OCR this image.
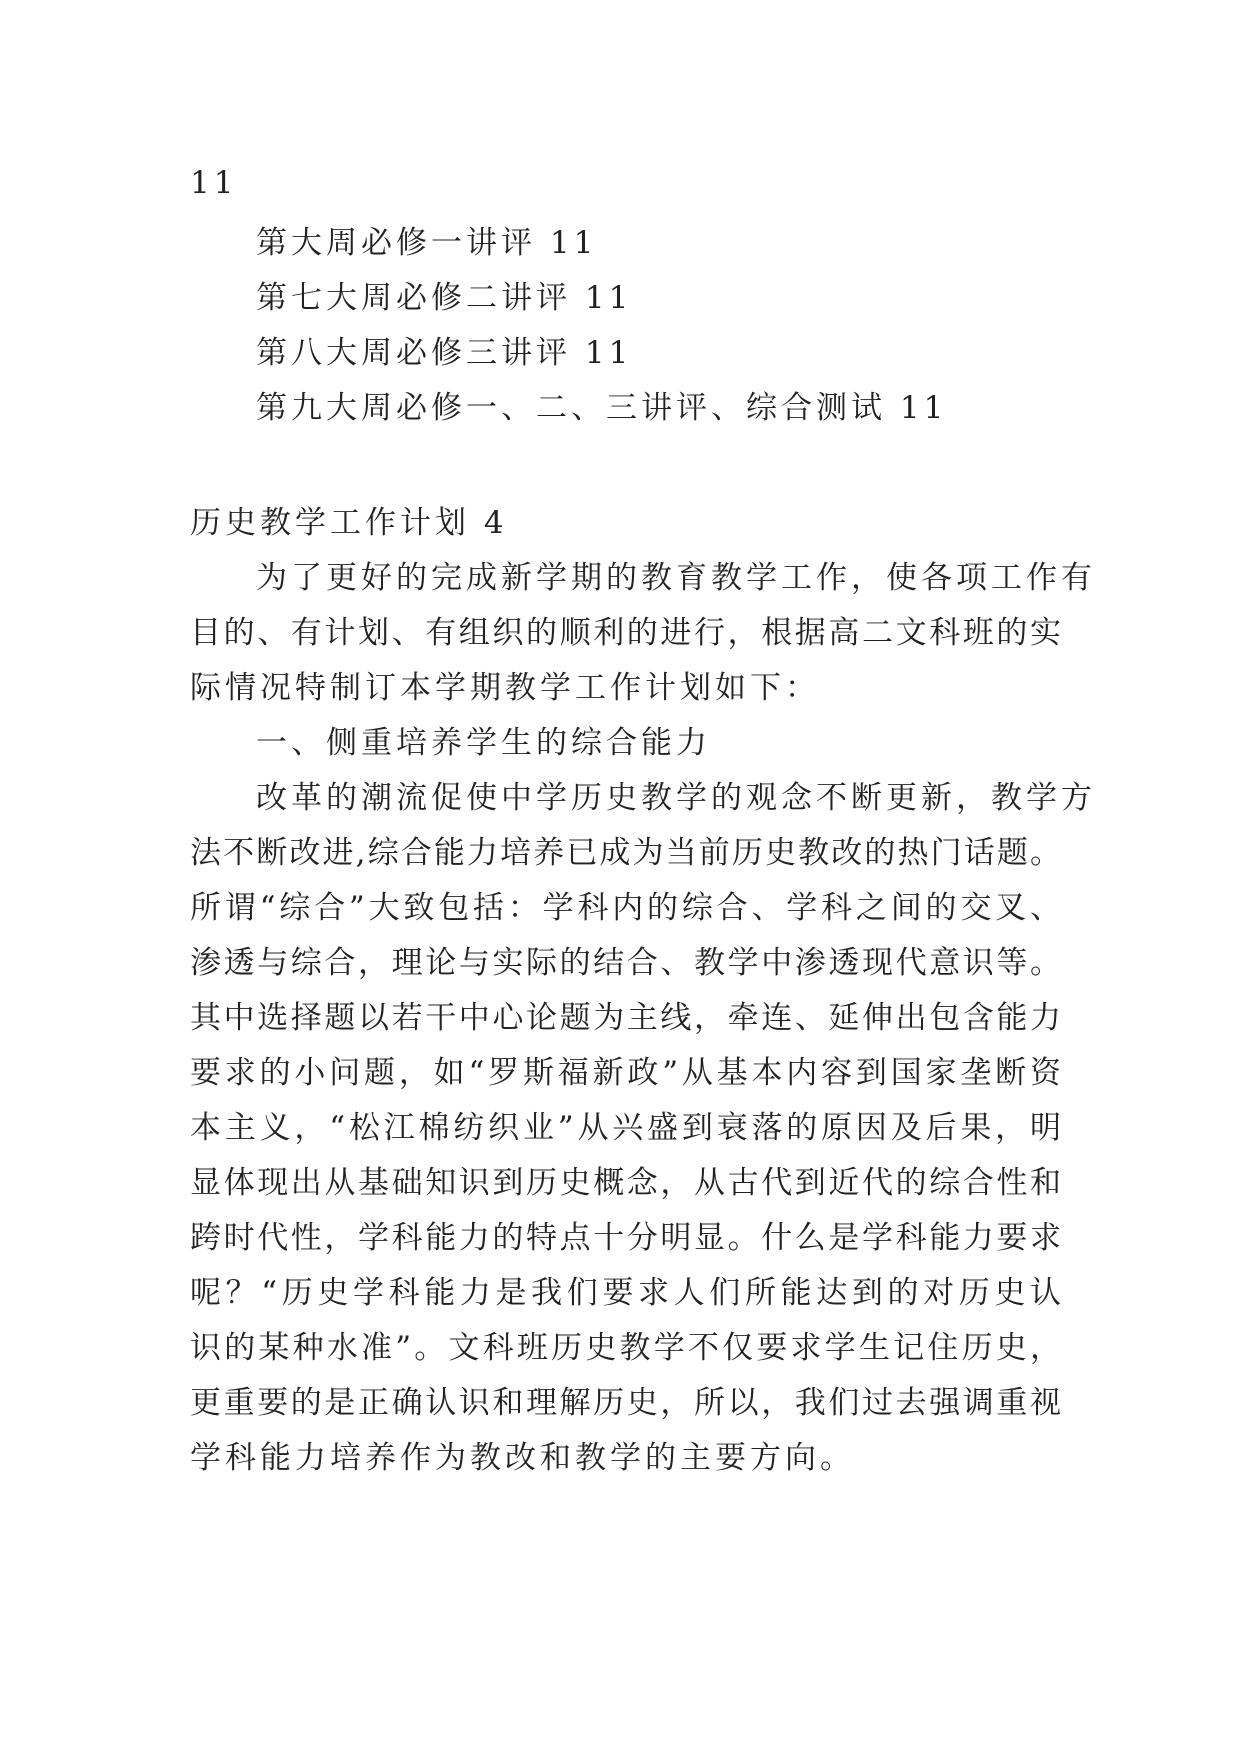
11
第大周必修一讲评 11
第七大周必修二讲评 11
第八大周必修三讲评 11
第九大周必修一、二、三讲评、综合测试 11
历史教学工作计划 4
为了更好的完成新学期的教育教学工作，使各项工作有
目的、有计划、有组织的顺利的进行，根据高二文科班的实
际情况特制订本学期教学工作计划如下：
一、侧重培养学生的综合能力
改革的潮流促使中学历史教学的观念不断更新，教学方
法不断改进,综合能力培养已成为当前历史教改的热门话题。
所谓“综合”大致包括：学科内的综合、学科之间的交叉、
渗透与综合，理论与实际的结合、教学中渗透现代意识等。
其中选择题以若干中心论题为主线，牵连、延伸出包含能力
要求的小问题，如“罗斯福新政”从基本内容到国家垄断资
本主义，“松江棉纺织业”从兴盛到衰落的原因及后果，明
显体现出从基础知识到历史概念，从古代到近代的综合性和
跨时代性，学科能力的特点十分明显。什么是学科能力要求
呢？“历史学科能力是我们要求人们所能达到的对历史认
识的某种水准”。文科班历史教学不仅要求学生记住历史，
更重要的是正确认识和理解历史，所以，我们过去强调重视
学科能力培养作为教改和教学的主要方向。
